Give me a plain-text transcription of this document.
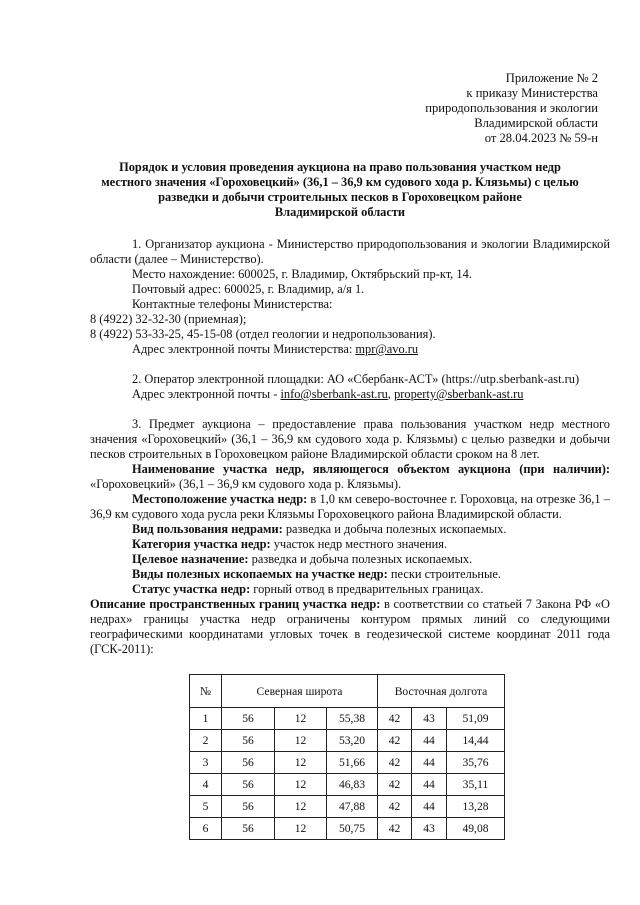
Приложение № 2
к приказу Министерства
природопользования и экологии
Владимирской области
от 28.04.2023 № 59-н
Порядок и условия проведения аукциона на право пользования участком недр
местного значения «Гороховецкий» (36,1 – 36,9 км судового хода р. Клязьмы) с целью
разведки и добычи строительных песков в Гороховецком районе
Владимирской области

1. Организатор аукциона - Министерство природопользования и экологии Владимирской области (далее – Министерство).

Место нахождение: 600025, г. Владимир, Октябрьский пр-кт, 14.

Почтовый адрес: 600025, г. Владимир, а/я 1.

Контактные телефоны Министерства:

8 (4922) 32-32-30 (приемная);

8 (4922) 53-33-25, 45-15-08 (отдел геологии и недропользования).

Адрес электронной почты Министерства: mpr@avo.ru

2. Оператор электронной площадки: АО «Сбербанк-АСТ» (https://utp.sberbank-ast.ru)

Адрес электронной почты - info@sberbank-ast.ru, property@sberbank-ast.ru

3. Предмет аукциона – предоставление права пользования участком недр местного значения «Гороховецкий» (36,1 – 36,9 км судового хода р. Клязьмы) с целью разведки и добычи песков строительных в Гороховецком районе Владимирской области сроком на 8 лет.

Наименование участка недр, являющегося объектом аукциона (при наличии): «Гороховецкий» (36,1 – 36,9 км судового хода р. Клязьмы).

Местоположение участка недр: в 1,0 км северо-восточнее г. Гороховца, на отрезке 36,1 – 36,9 км судового хода русла реки Клязьмы Гороховецкого района Владимирской области.

Вид пользования недрами: разведка и добыча полезных ископаемых.

Категория участка недр: участок недр местного значения.

Целевое назначение: разведка и добыча полезных ископаемых.

Виды полезных ископаемых на участке недр: пески строительные.

Статус участка недр: горный отвод в предварительных границах.

Описание пространственных границ участка недр: в соответствии со статьей 7 Закона РФ «О недрах» границы участка недр ограничены контуром прямых линий со следующими географическими координатами угловых точек в геодезической системе координат 2011 года (ГСК-2011):

№	Северная широта			Восточная долгота		
1	56	12	55,38	42	43	51,09
2	56	12	53,20	42	44	14,44
3	56	12	51,66	42	44	35,76
4	56	12	46,83	42	44	35,11
5	56	12	47,88	42	44	13,28
6	56	12	50,75	42	43	49,08
